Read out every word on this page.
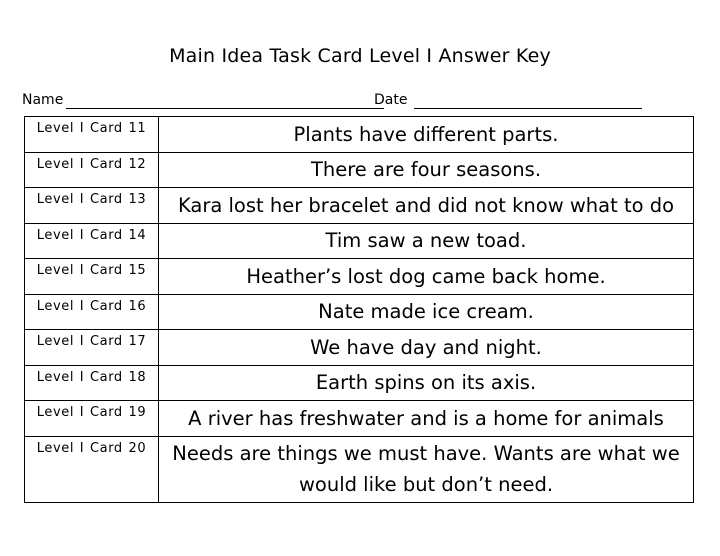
Main Idea Task Card Level I Answer Key
Name	Date
Level I Card 11	Plants have different parts.
Level I Card 12	There are four seasons.
Level I Card 13	Kara lost her bracelet and did not know what to do
Level I Card 14	Tim saw a new toad.
Level I Card 15	Heather’s lost dog came back home.
Level I Card 16	Nate made ice cream.
Level I Card 17	We have day and night.
Level I Card 18	Earth spins on its axis.
Level I Card 19	A river has freshwater and is a home for animals
Level I Card 20	Needs are things we must have. Wants are what we would like but don’t need.
